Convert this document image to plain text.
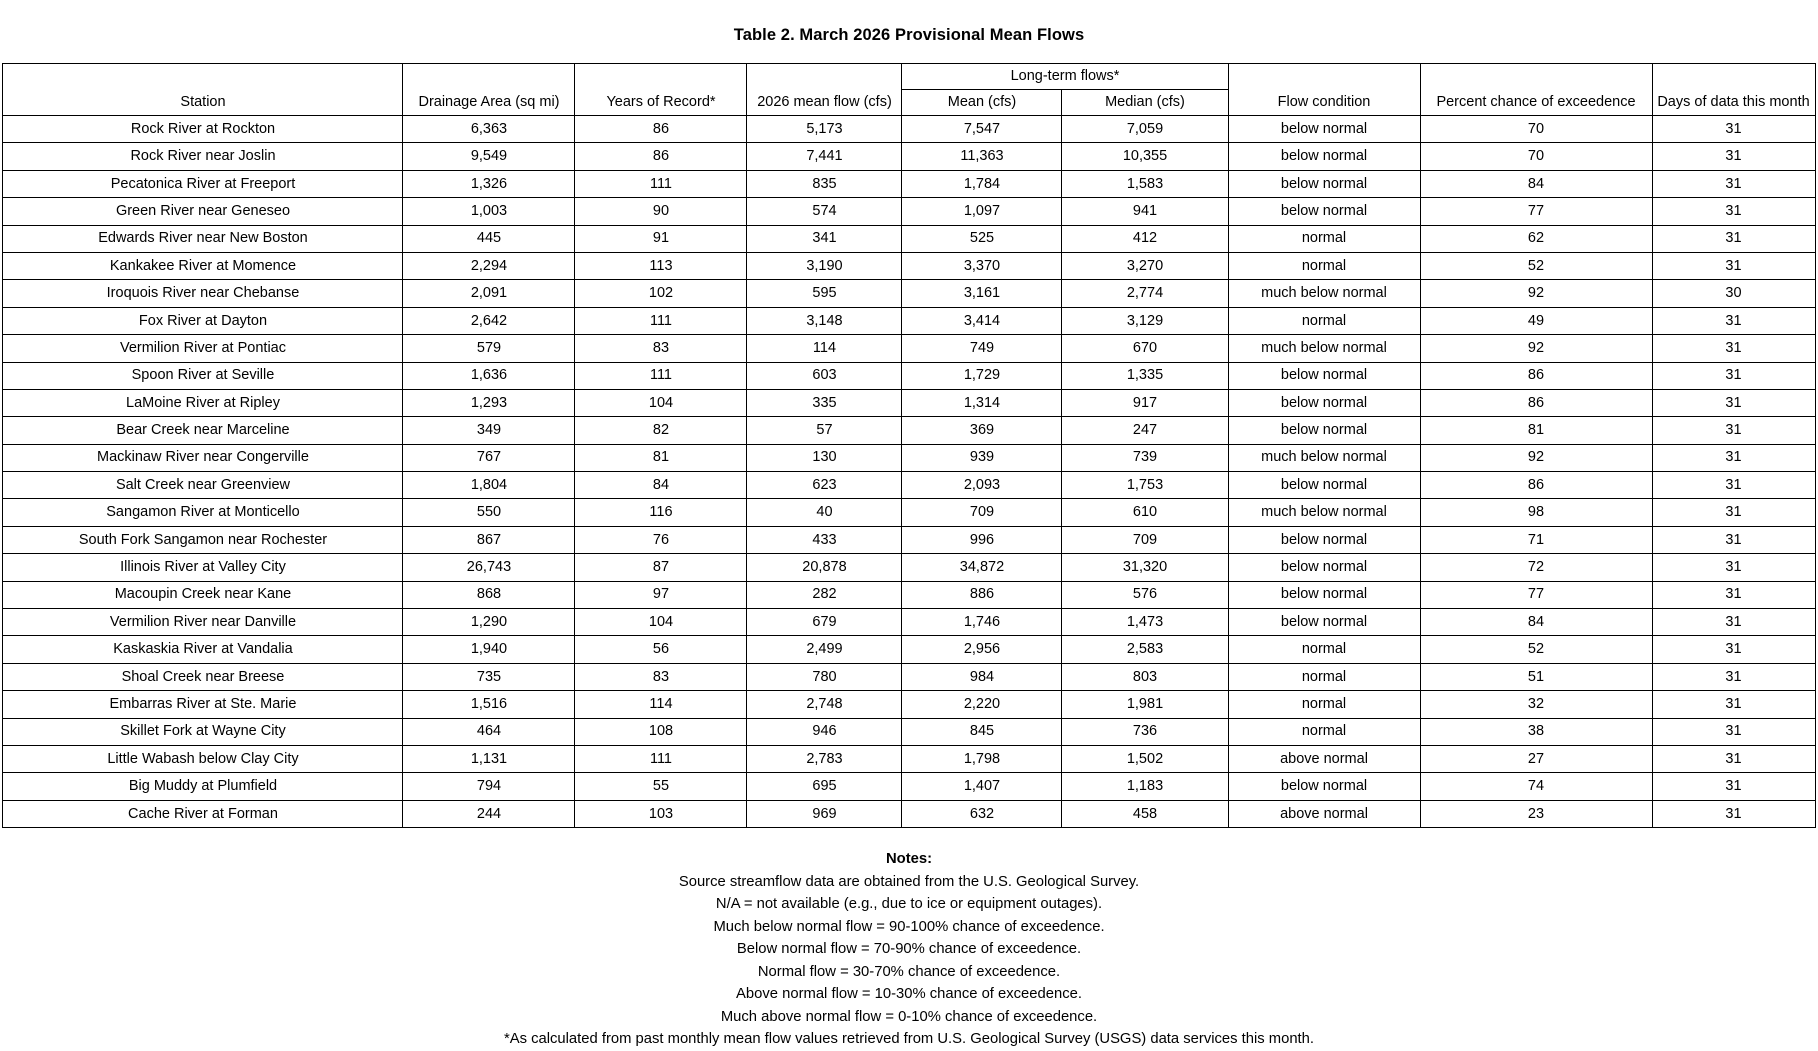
Table 2. March 2026 Provisional Mean Flows
				Long-term flows*				
Station	Drainage Area (sq mi)	Years of Record*	2026 mean flow (cfs)	Mean (cfs)	Median (cfs)	Flow condition	Percent chance of exceedence	Days of data this month
Rock River at Rockton	6,363	86	5,173	7,547	7,059	below normal	70	31
Rock River near Joslin	9,549	86	7,441	11,363	10,355	below normal	70	31
Pecatonica River at Freeport	1,326	111	835	1,784	1,583	below normal	84	31
Green River near Geneseo	1,003	90	574	1,097	941	below normal	77	31
Edwards River near New Boston	445	91	341	525	412	normal	62	31
Kankakee River at Momence	2,294	113	3,190	3,370	3,270	normal	52	31
Iroquois River near Chebanse	2,091	102	595	3,161	2,774	much below normal	92	30
Fox River at Dayton	2,642	111	3,148	3,414	3,129	normal	49	31
Vermilion River at Pontiac	579	83	114	749	670	much below normal	92	31
Spoon River at Seville	1,636	111	603	1,729	1,335	below normal	86	31
LaMoine River at Ripley	1,293	104	335	1,314	917	below normal	86	31
Bear Creek near Marceline	349	82	57	369	247	below normal	81	31
Mackinaw River near Congerville	767	81	130	939	739	much below normal	92	31
Salt Creek near Greenview	1,804	84	623	2,093	1,753	below normal	86	31
Sangamon River at Monticello	550	116	40	709	610	much below normal	98	31
South Fork Sangamon near Rochester	867	76	433	996	709	below normal	71	31
Illinois River at Valley City	26,743	87	20,878	34,872	31,320	below normal	72	31
Macoupin Creek near Kane	868	97	282	886	576	below normal	77	31
Vermilion River near Danville	1,290	104	679	1,746	1,473	below normal	84	31
Kaskaskia River at Vandalia	1,940	56	2,499	2,956	2,583	normal	52	31
Shoal Creek near Breese	735	83	780	984	803	normal	51	31
Embarras River at Ste. Marie	1,516	114	2,748	2,220	1,981	normal	32	31
Skillet Fork at Wayne City	464	108	946	845	736	normal	38	31
Little Wabash below Clay City	1,131	111	2,783	1,798	1,502	above normal	27	31
Big Muddy at Plumfield	794	55	695	1,407	1,183	below normal	74	31
Cache River at Forman	244	103	969	632	458	above normal	23	31
Notes:
Source streamflow data are obtained from the U.S. Geological Survey.
N/A = not available (e.g., due to ice or equipment outages).
Much below normal flow = 90-100% chance of exceedence.
Below normal flow = 70-90% chance of exceedence.
Normal flow = 30-70% chance of exceedence.
Above normal flow = 10-30% chance of exceedence.
Much above normal flow = 0-10% chance of exceedence.
*As calculated from past monthly mean flow values retrieved from U.S. Geological Survey (USGS) data services this month.
